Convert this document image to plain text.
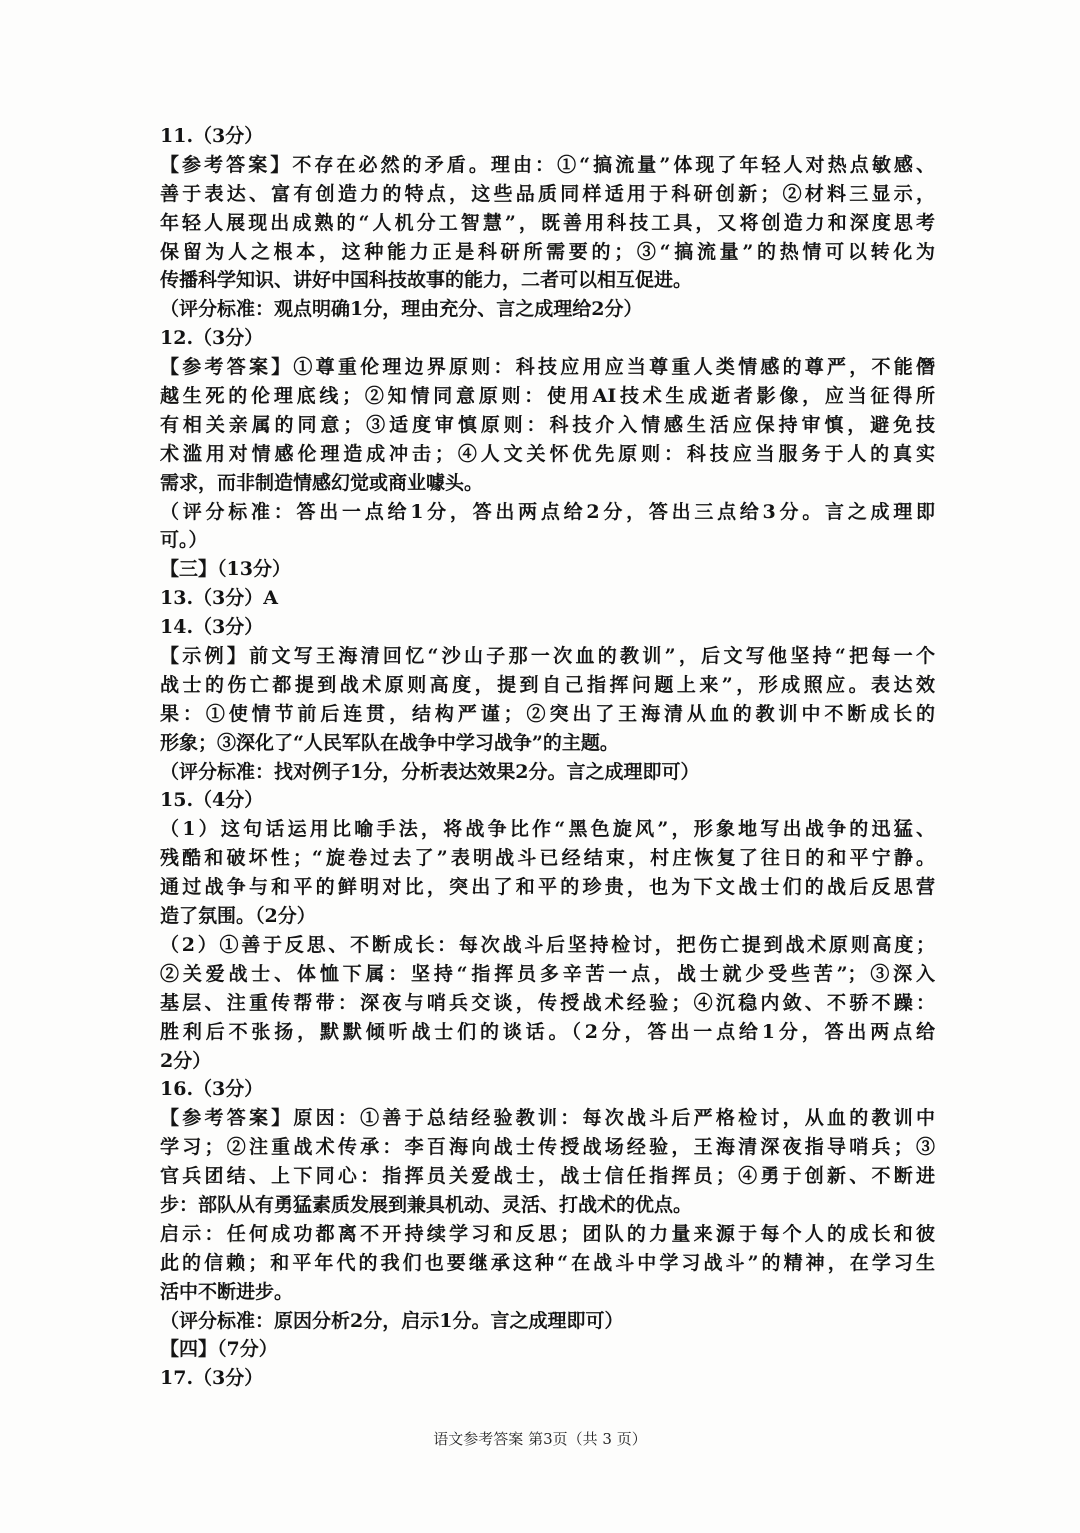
11.（3分）
【参考答案】不存在必然的矛盾。理由：①“搞流量”体现了年轻人对热点敏感、
善于表达、富有创造力的特点，这些品质同样适用于科研创新；②材料三显示，
年轻人展现出成熟的“人机分工智慧”，既善用科技工具，又将创造力和深度思考
保留为人之根本，这种能力正是科研所需要的；③“搞流量”的热情可以转化为
传播科学知识、讲好中国科技故事的能力，二者可以相互促进。
（评分标准：观点明确1分，理由充分、言之成理给2分）
12.（3分）
【参考答案】①尊重伦理边界原则：科技应用应当尊重人类情感的尊严，不能僭
越生死的伦理底线；②知情同意原则：使用AI技术生成逝者影像，应当征得所
有相关亲属的同意；③适度审慎原则：科技介入情感生活应保持审慎，避免技
术滥用对情感伦理造成冲击；④人文关怀优先原则：科技应当服务于人的真实
需求，而非制造情感幻觉或商业噱头。
（评分标准：答出一点给1分，答出两点给2分，答出三点给3分。言之成理即
可。）
【三】（13分）
13.（3分）A
14.（3分）
【示例】前文写王海清回忆“沙山子那一次血的教训”，后文写他坚持“把每一个
战士的伤亡都提到战术原则高度，提到自己指挥问题上来”，形成照应。表达效
果：①使情节前后连贯，结构严谨；②突出了王海清从血的教训中不断成长的
形象；③深化了“人民军队在战争中学习战争”的主题。
（评分标准：找对例子1分，分析表达效果2分。言之成理即可）
15.（4分）
（1）这句话运用比喻手法，将战争比作“黑色旋风”，形象地写出战争的迅猛、
残酷和破坏性；“旋卷过去了”表明战斗已经结束，村庄恢复了往日的和平宁静。
通过战争与和平的鲜明对比，突出了和平的珍贵，也为下文战士们的战后反思营
造了氛围。（2分）
（2）①善于反思、不断成长：每次战斗后坚持检讨，把伤亡提到战术原则高度；
②关爱战士、体恤下属：坚持“指挥员多辛苦一点，战士就少受些苦”；③深入
基层、注重传帮带：深夜与哨兵交谈，传授战术经验；④沉稳内敛、不骄不躁：
胜利后不张扬，默默倾听战士们的谈话。（2分，答出一点给1分，答出两点给
2分）
16.（3分）
【参考答案】原因：①善于总结经验教训：每次战斗后严格检讨，从血的教训中
学习；②注重战术传承：李百海向战士传授战场经验，王海清深夜指导哨兵；③
官兵团结、上下同心：指挥员关爱战士，战士信任指挥员；④勇于创新、不断进
步：部队从有勇猛素质发展到兼具机动、灵活、打战术的优点。
启示：任何成功都离不开持续学习和反思；团队的力量来源于每个人的成长和彼
此的信赖；和平年代的我们也要继承这种“在战斗中学习战斗”的精神，在学习生
活中不断进步。
（评分标准：原因分析2分，启示1分。言之成理即可）
【四】（7分）
17.（3分）
语文参考答案 第3页（共 3 页）
